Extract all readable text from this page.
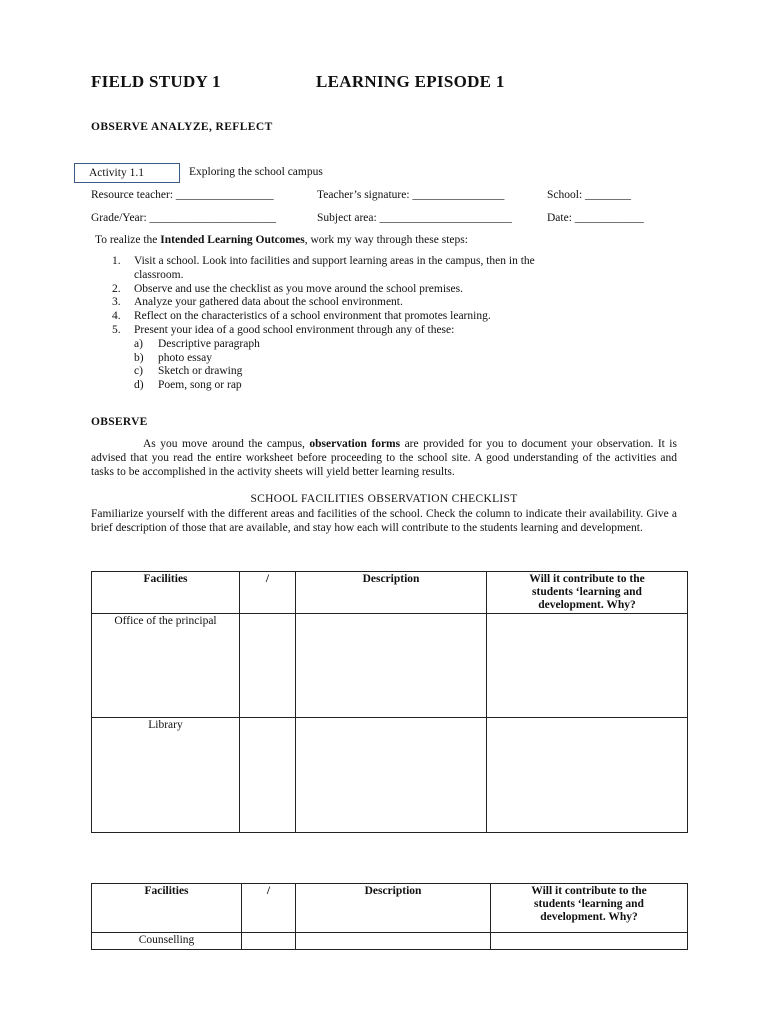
FIELD STUDY 1	LEARNING EPISODE 1
OBSERVE ANALYZE, REFLECT
Activity 1.1	Exploring the school campus
Resource teacher: _________________	Teacher’s signature: ________________	School: ________
Grade/Year: ______________________	Subject area: _______________________	Date: ____________
To realize the Intended Learning Outcomes, work my way through these steps:
1.	Visit a school. Look into facilities and support learning areas in the campus, then in the
classroom.
2.	Observe and use the checklist as you move around the school premises.
3.	Analyze your gathered data about the school environment.
4.	Reflect on the characteristics of a school environment that promotes learning.
5.	Present your idea of a good school environment through any of these:
a)	Descriptive paragraph
b)	photo essay
c)	Sketch or drawing
d)	Poem, song or rap
OBSERVE
As you move around the campus, observation forms are provided for you to document your observation. It is advised that you read the entire worksheet before proceeding to the school site. A good understanding of the activities and tasks to be accomplished in the activity sheets will yield better learning results.
SCHOOL FACILITIES OBSERVATION CHECKLIST
Familiarize yourself with the different areas and facilities of the school. Check the column to indicate their availability. Give a brief description of those that are available, and stay how each will contribute to the students learning and development.
Facilities	/	Description	Will it contribute to the students ‘learning and development. Why?
Office of the principal			
Library			
Facilities	/	Description	Will it contribute to the students ‘learning and development. Why?
Counselling			
